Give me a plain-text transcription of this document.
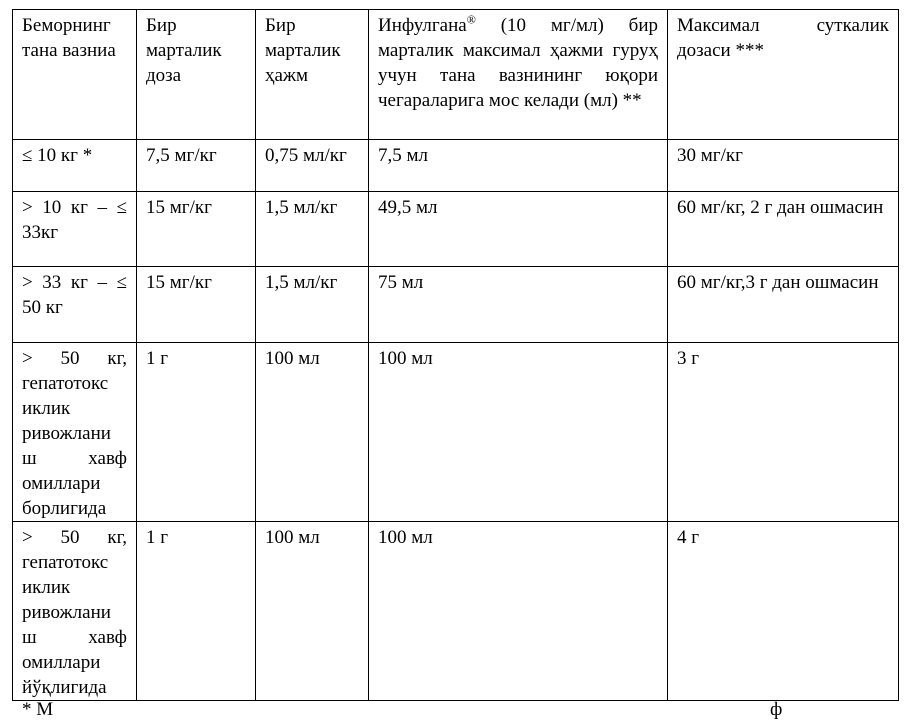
Беморнинг тана вазниа	Бир марталик доза	Бир марталик ҳажм	Инфулгана® (10 мг/мл) бир марталик максимал ҳажми гуруҳ учун тана вазнининг юқори чегараларига мос келади (мл) **	Максимал суткалик дозаси ***
≤ 10 кг *	7,5 мг/кг	0,75 мл/кг	7,5 мл	30 мг/кг
> 10 кг – ≤ 33кг	15 мг/кг	1,5 мл/кг	49,5 мл	60 мг/кг, 2 г дан ошмасин
> 33 кг – ≤ 50 кг	15 мг/кг	1,5 мл/кг	75 мл	60 мг/кг,3 г дан ошмасин
> 50 кг, гепатотокс иклик ривожлани ш хавф омиллари борлигида	1 г	100 мл	100 мл	3 г
> 50 кг, гепатотокс иклик ривожлани ш хавф омиллари йўқлигида	1 г	100 мл	100 мл	4 г
* М	ф
